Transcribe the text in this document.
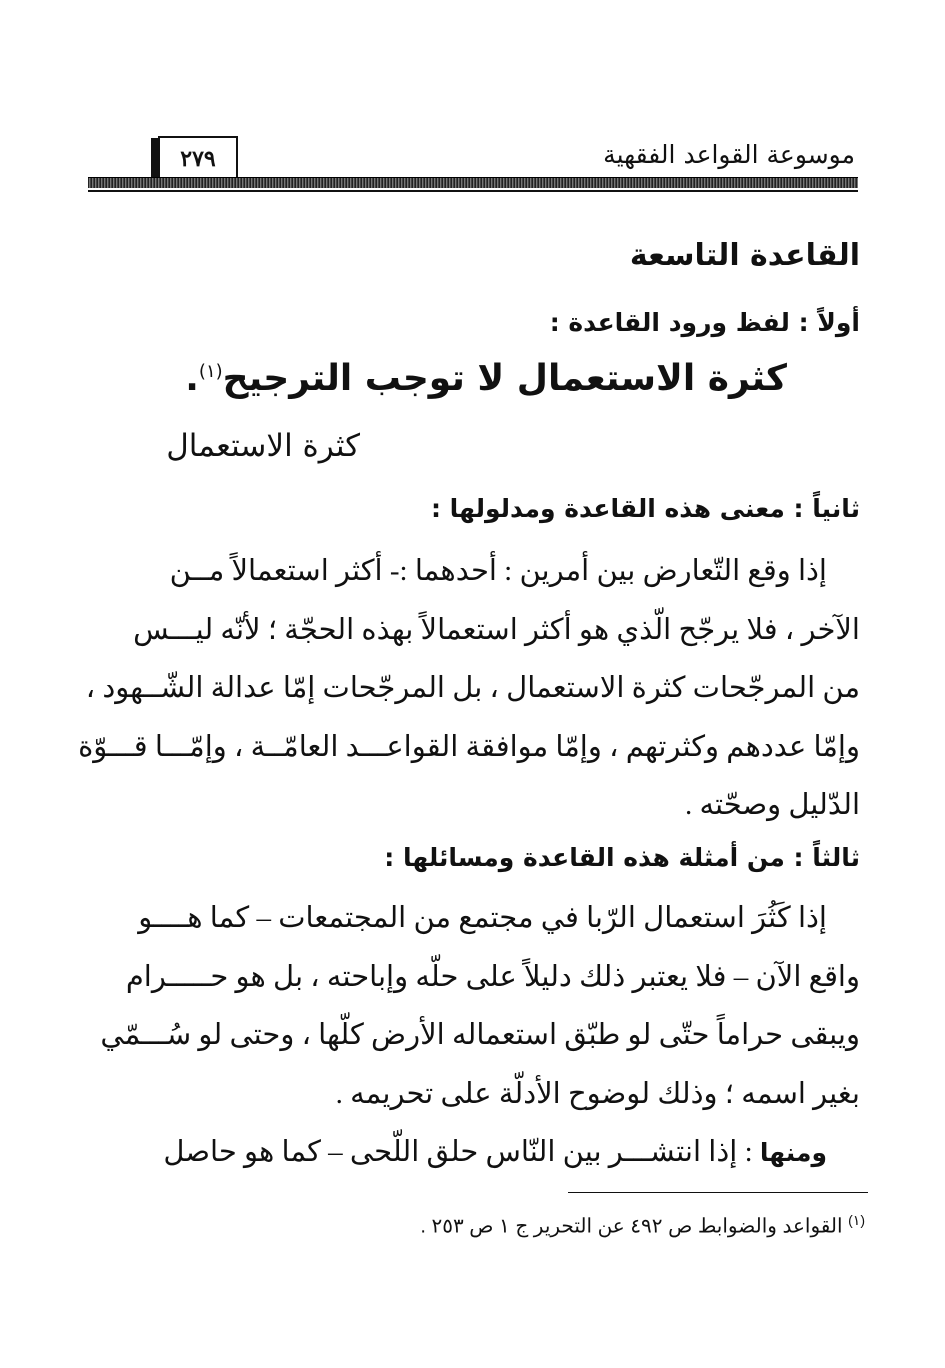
موسوعة القواعد الفقهية
٢٧٩
القاعدة التاسعة
أولاً : لفظ ورود القاعدة :
كثرة الاستعمال لا توجب الترجيح$^{(١)}$.
كثرة الاستعمال
ثانياً : معنى هذه القاعدة ومدلولها :
إذا وقع التّعارض بين أمرين : أحدهما :- أكثر استعمالاً مــن
الآخر ، فلا يرجّح الّذي هو أكثر استعمالاً بهذه الحجّة ؛ لأنّه ليـــس
من المرجّحات كثرة الاستعمال ، بل المرجّحات إمّا عدالة الشّــهود ،
وإمّا عددهم وكثرتهم ، وإمّا موافقة القواعـــد العامّــة ، وإمّـــا قـــوّة
الدّليل وصحّته .
ثالثاً : من أمثلة هذه القاعدة ومسائلها :
إذا كَثُرَ استعمال الرّبا في مجتمع من المجتمعات – كما هــــو
واقع الآن – فلا يعتبر ذلك دليلاً على حلّه وإباحته ، بل هو حـــــرام
ويبقى حراماً حتّى لو طبّق استعماله الأرض كلّها ، وحتى لو سُـــمّي
بغير اسمه ؛ وذلك لوضوح الأدلّة على تحريمه .
ومنها : إذا انتشـــر بين النّاس حلق اللّحى – كما هو حاصل
$^{(١)}$ القواعد والضوابط ص ٤٩٢ عن التحرير ج ١ ص ٢٥٣ .
